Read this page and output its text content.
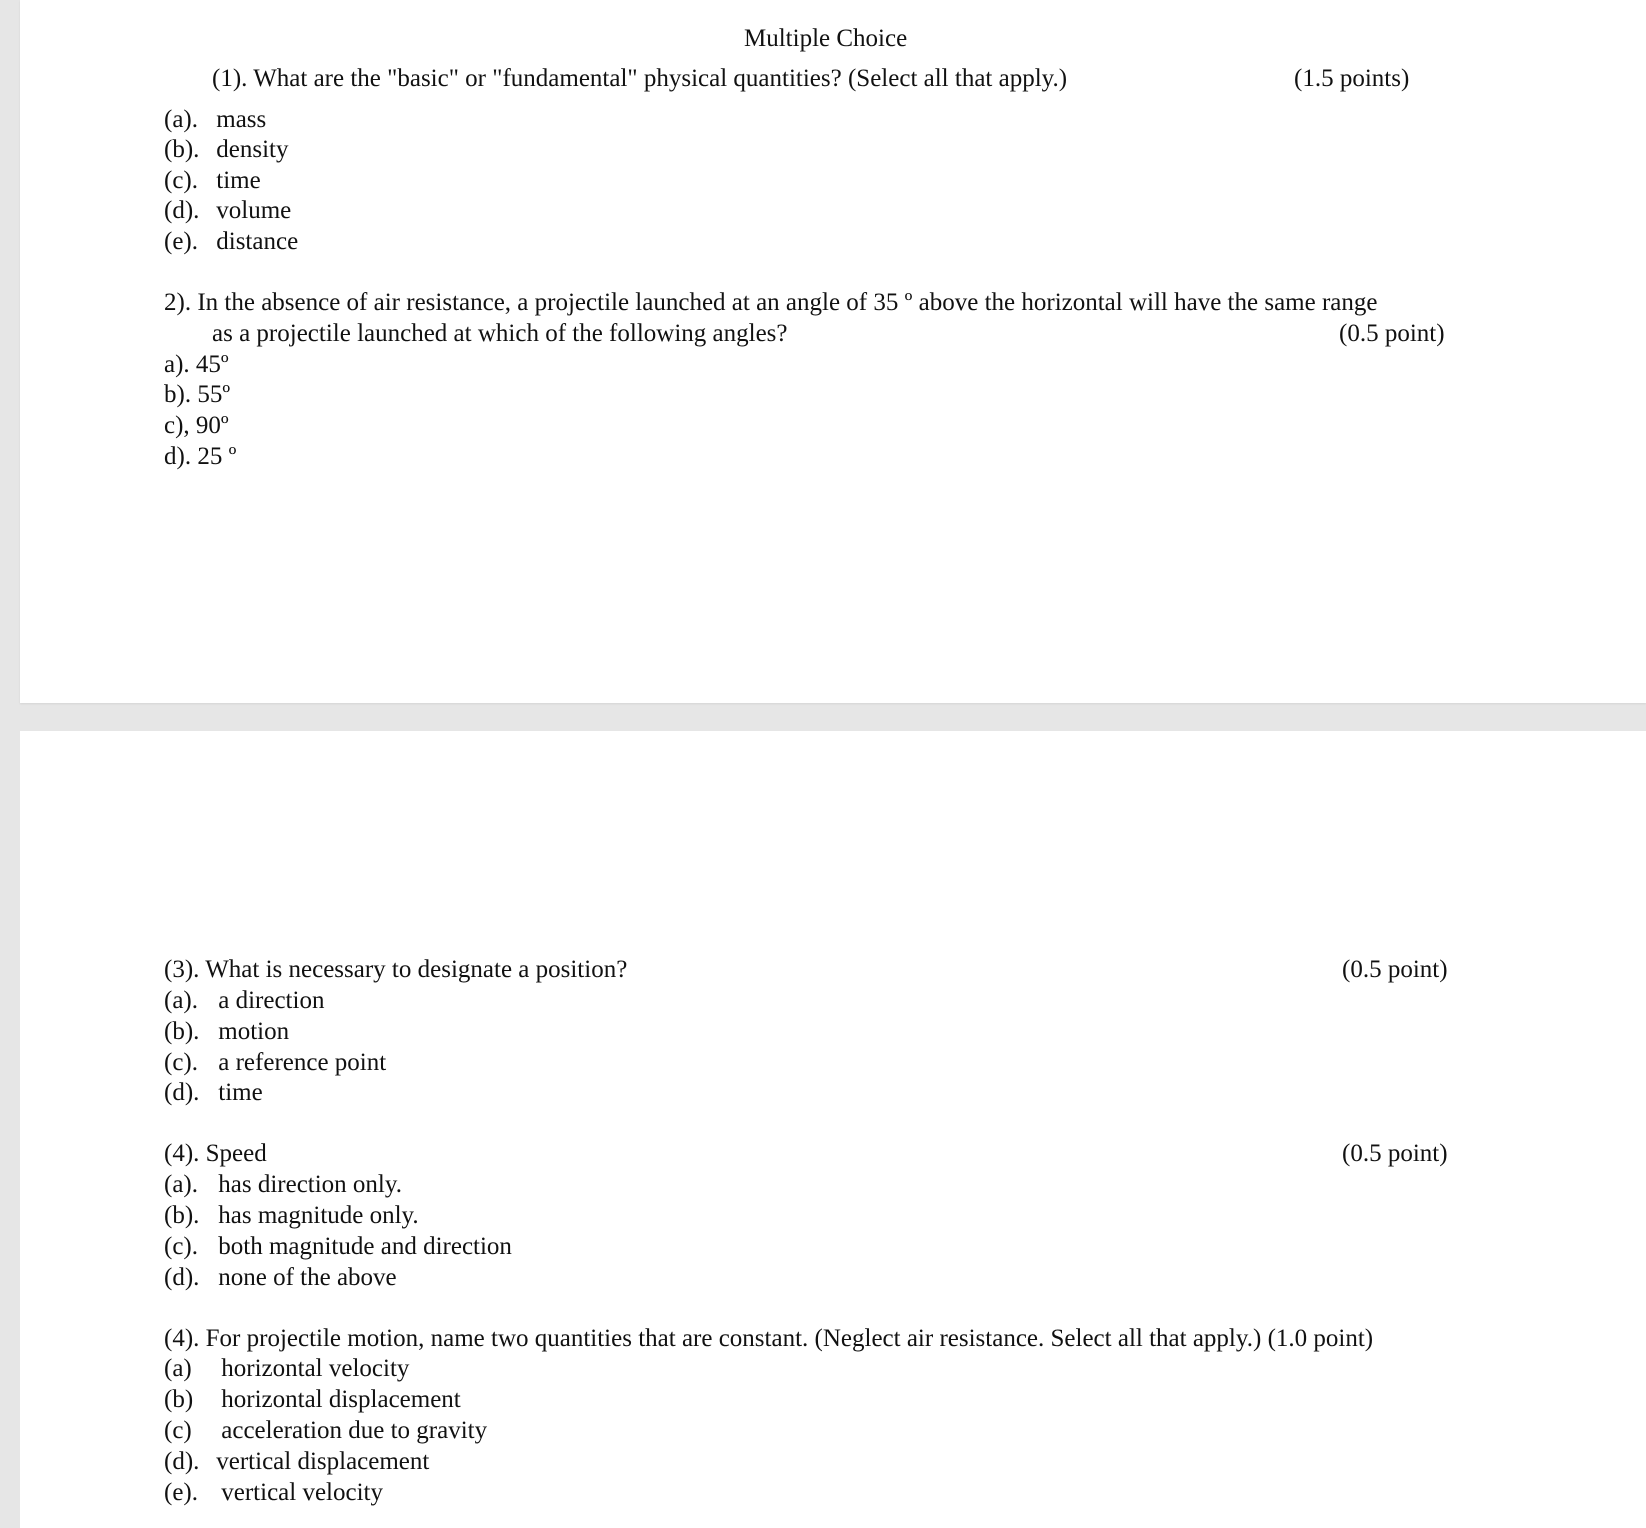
Multiple Choice
(1). What are the "basic" or "fundamental" physical quantities? (Select all that apply.)	(1.5 points)
(a). mass
(b). density
(c). time
(d). volume
(e). distance
2). In the absence of air resistance, a projectile launched at an angle of 35 º above the horizontal will have the same range
as a projectile launched at which of the following angles?	(0.5 point)
a). 45º
b). 55º
c), 90º
d). 25 º
(3). What is necessary to designate a position?	(0.5 point)
(a). a direction
(b). motion
(c). a reference point
(d). time
(4). Speed	(0.5 point)
(a). has direction only.
(b). has magnitude only.
(c). both magnitude and direction
(d). none of the above
(4). For projectile motion, name two quantities that are constant. (Neglect air resistance. Select all that apply.) (1.0 point)
(a) horizontal velocity
(b) horizontal displacement
(c) acceleration due to gravity
(d). vertical displacement
(e). vertical velocity
